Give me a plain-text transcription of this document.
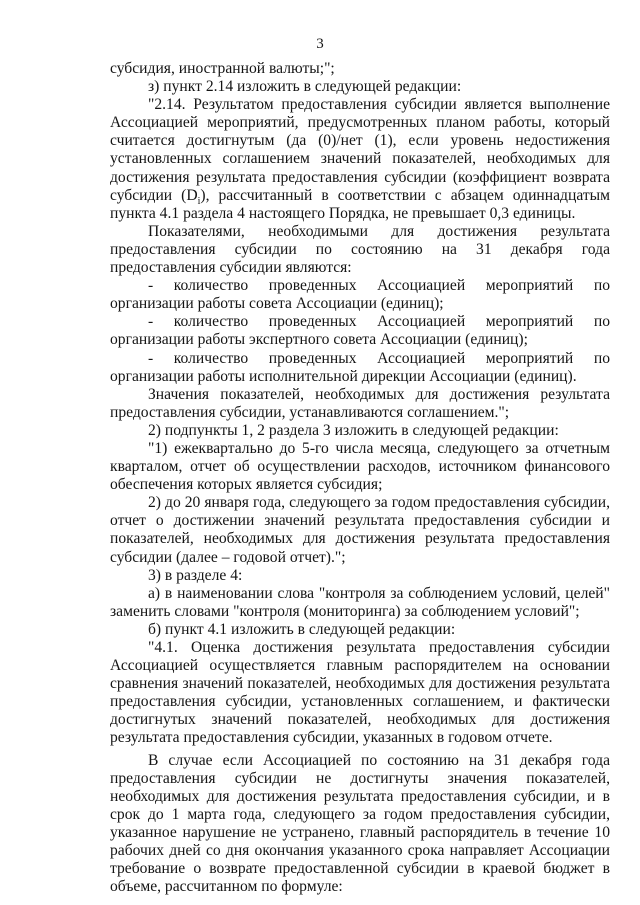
3

субсидия, иностранной валюты;";

з) пункт 2.14 изложить в следующей редакции:

"2.14. Результатом предоставления субсидии является выполнение Ассоциацией мероприятий, предусмотренных планом работы, который считается достигнутым (да (0)/нет (1), если уровень недостижения установленных соглашением значений показателей, необходимых для достижения результата предоставления субсидии (коэффициент возврата субсидии $(D_i)$, рассчитанный в соответствии с абзацем одиннадцатым пункта 4.1 раздела 4 настоящего Порядка, не превышает 0,3 единицы.

Показателями, необходимыми для достижения результата предоставления субсидии по состоянию на 31 декабря года предоставления субсидии являются:

- количество проведенных Ассоциацией мероприятий по организации работы совета Ассоциации (единиц);

- количество проведенных Ассоциацией мероприятий по организации работы экспертного совета Ассоциации (единиц);

- количество проведенных Ассоциацией мероприятий по организации работы исполнительной дирекции Ассоциации (единиц).

Значения показателей, необходимых для достижения результата предоставления субсидии, устанавливаются соглашением.";

2) подпункты 1, 2 раздела 3 изложить в следующей редакции:

"1) ежеквартально до 5-го числа месяца, следующего за отчетным кварталом, отчет об осуществлении расходов, источником финансового обеспечения которых является субсидия;

2) до 20 января года, следующего за годом предоставления субсидии, отчет о достижении значений результата предоставления субсидии и показателей, необходимых для достижения результата предоставления субсидии (далее – годовой отчет).";

3) в разделе 4:

а) в наименовании слова "контроля за соблюдением условий, целей" заменить словами "контроля (мониторинга) за соблюдением условий";

б) пункт 4.1 изложить в следующей редакции:

"4.1. Оценка достижения результата предоставления субсидии Ассоциацией осуществляется главным распорядителем на основании сравнения значений показателей, необходимых для достижения результата предоставления субсидии, установленных соглашением, и фактически достигнутых значений показателей, необходимых для достижения результата предоставления субсидии, указанных в годовом отчете.

В случае если Ассоциацией по состоянию на 31 декабря года предоставления субсидии не достигнуты значения показателей, необходимых для достижения результата предоставления субсидии, и в срок до 1 марта года, следующего за годом предоставления субсидии, указанное нарушение не устранено, главный распорядитель в течение 10 рабочих дней со дня окончания указанного срока направляет Ассоциации требование о возврате предоставленной субсидии в краевой бюджет в объеме, рассчитанном по формуле:
